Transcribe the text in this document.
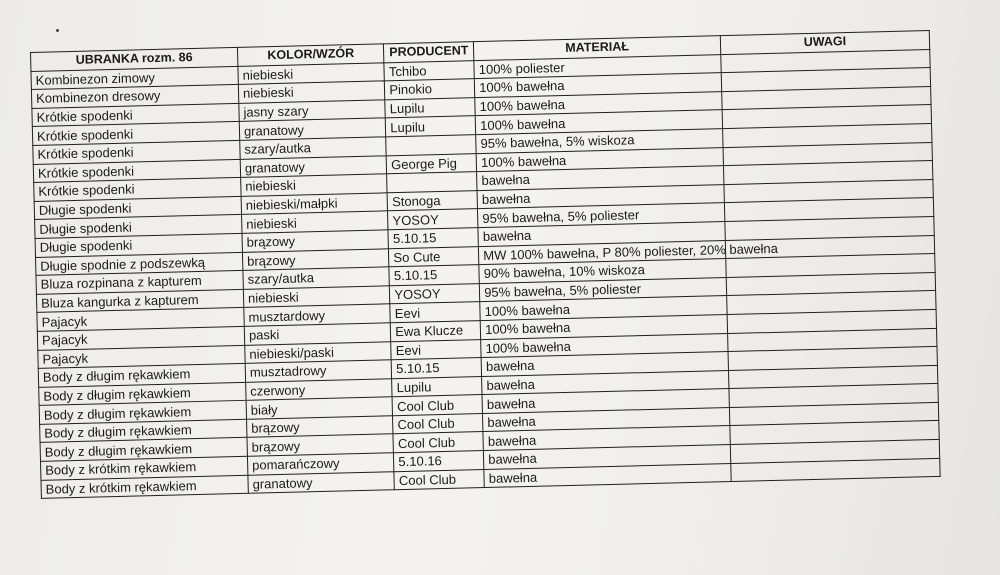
UBRANKA rozm. 86	KOLOR/WZÓR	PRODUCENT	MATERIAŁ	UWAGI
Kombinezon zimowy	niebieski	Tchibo	100% poliester	
Kombinezon dresowy	niebieski	Pinokio	100% bawełna	
Krótkie spodenki	jasny szary	Lupilu	100% bawełna	
Krótkie spodenki	granatowy	Lupilu	100% bawełna	
Krótkie spodenki	szary/autka		95% bawełna, 5% wiskoza	
Krótkie spodenki	granatowy	George Pig	100% bawełna	
Krótkie spodenki	niebieski		bawełna	
Długie spodenki	niebieski/małpki	Stonoga	bawełna	
Długie spodenki	niebieski	YOSOY	95% bawełna, 5% poliester	
Długie spodenki	brązowy	5.10.15	bawełna	
Długie spodnie z podszewką	brązowy	So Cute	MW 100% bawełna, P 80% poliester, 20% bawełna	
Bluza rozpinana z kapturem	szary/autka	5.10.15	90% bawełna, 10% wiskoza	
Bluza kangurka z kapturem	niebieski	YOSOY	95% bawełna, 5% poliester	
Pajacyk	musztardowy	Eevi	100% bawełna	
Pajacyk	paski	Ewa Klucze	100% bawełna	
Pajacyk	niebieski/paski	Eevi	100% bawełna	
Body z długim rękawkiem	musztadrowy	5.10.15	bawełna	
Body z długim rękawkiem	czerwony	Lupilu	bawełna	
Body z długim rękawkiem	biały	Cool Club	bawełna	
Body z długim rękawkiem	brązowy	Cool Club	bawełna	
Body z długim rękawkiem	brązowy	Cool Club	bawełna	
Body z krótkim rękawkiem	pomarańczowy	5.10.16	bawełna	
Body z krótkim rękawkiem	granatowy	Cool Club	bawełna	
